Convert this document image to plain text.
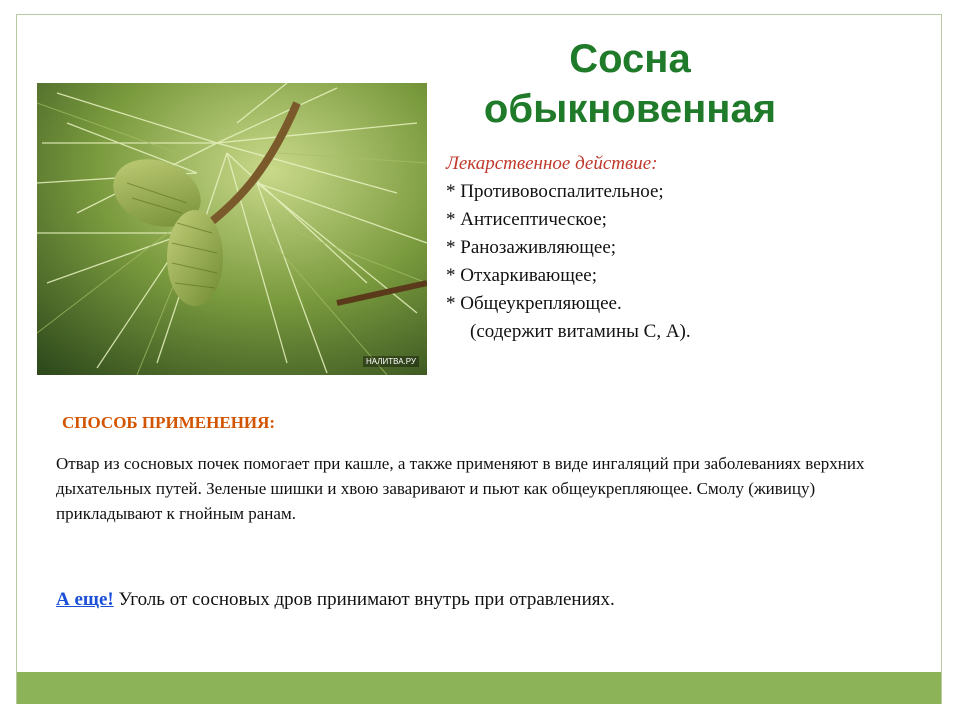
Сосна
обыкновенная
НАЛИТВА.РУ
Лекарственное действие:
* Противовоспалительное;
* Антисептическое;
* Ранозаживляющее;
* Отхаркивающее;
* Общеукрепляющее.
(содержит витамины С, А).
СПОСОБ ПРИМЕНЕНИЯ:
Отвар из сосновых почек помогает при кашле, а также применяют в виде ингаляций при заболеваниях верхних дыхательных путей. Зеленые шишки и хвою заваривают и пьют как общеукрепляющее. Смолу (живицу) прикладывают к гнойным ранам.
А еще! Уголь от сосновых дров принимают внутрь при отравлениях.
